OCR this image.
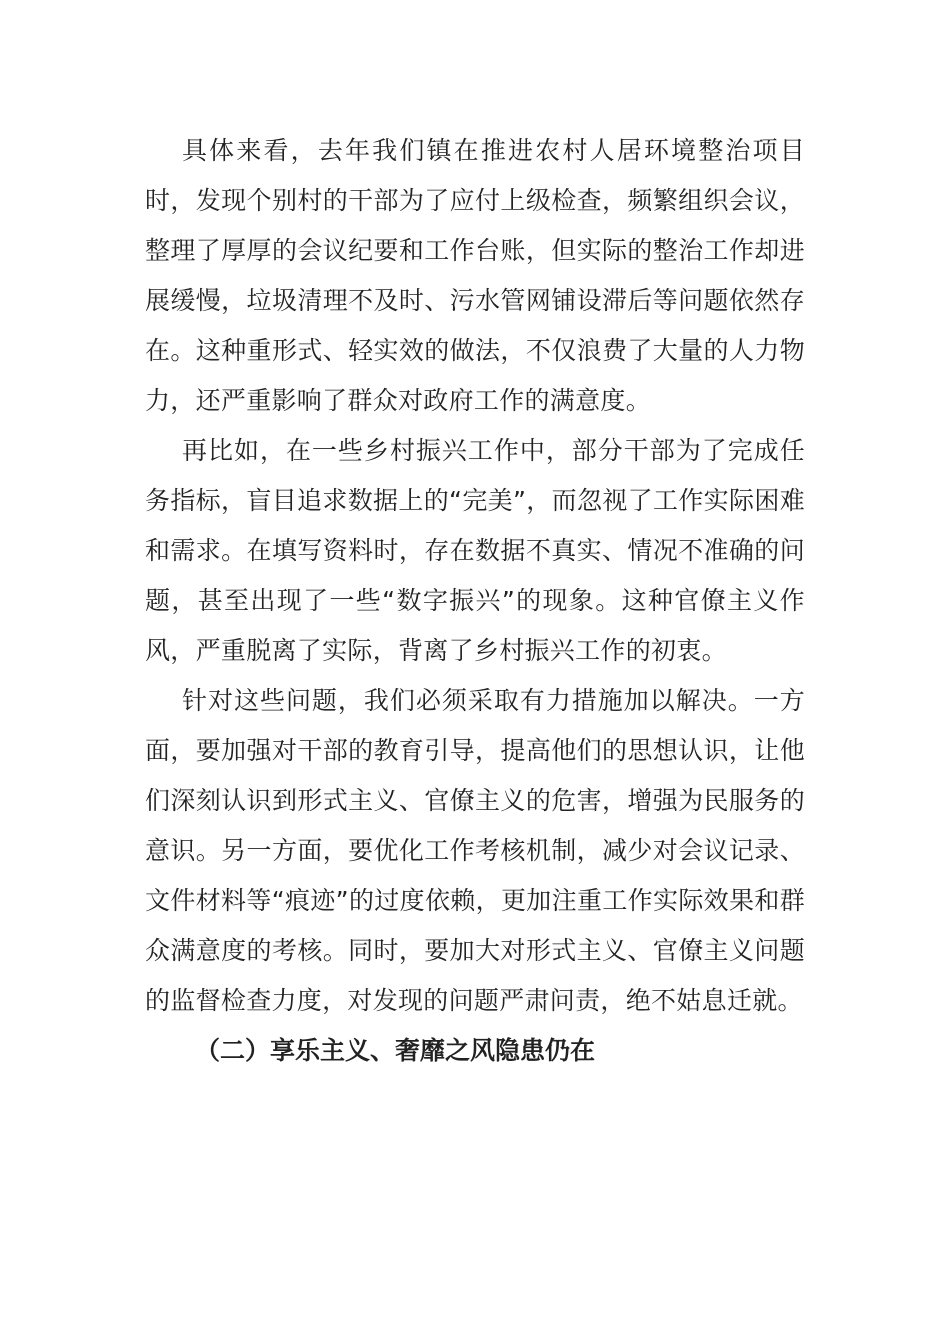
具体来看，去年我们镇在推进农村人居环境整治项目时，发现个别村的干部为了应付上级检查，频繁组织会议，整理了厚厚的会议纪要和工作台账，但实际的整治工作却进展缓慢，垃圾清理不及时、污水管网铺设滞后等问题依然存在。这种重形式、轻实效的做法，不仅浪费了大量的人力物力，还严重影响了群众对政府工作的满意度。

再比如，在一些乡村振兴工作中，部分干部为了完成任务指标，盲目追求数据上的“完美”，而忽视了工作实际困难和需求。在填写资料时，存在数据不真实、情况不准确的问题，甚至出现了一些“数字振兴”的现象。这种官僚主义作风，严重脱离了实际，背离了乡村振兴工作的初衷。

针对这些问题，我们必须采取有力措施加以解决。一方面，要加强对干部的教育引导，提高他们的思想认识，让他们深刻认识到形式主义、官僚主义的危害，增强为民服务的意识。另一方面，要优化工作考核机制，减少对会议记录、文件材料等“痕迹”的过度依赖，更加注重工作实际效果和群众满意度的考核。同时，要加大对形式主义、官僚主义问题的监督检查力度，对发现的问题严肃问责，绝不姑息迁就。

（二）享乐主义、奢靡之风隐患仍在
